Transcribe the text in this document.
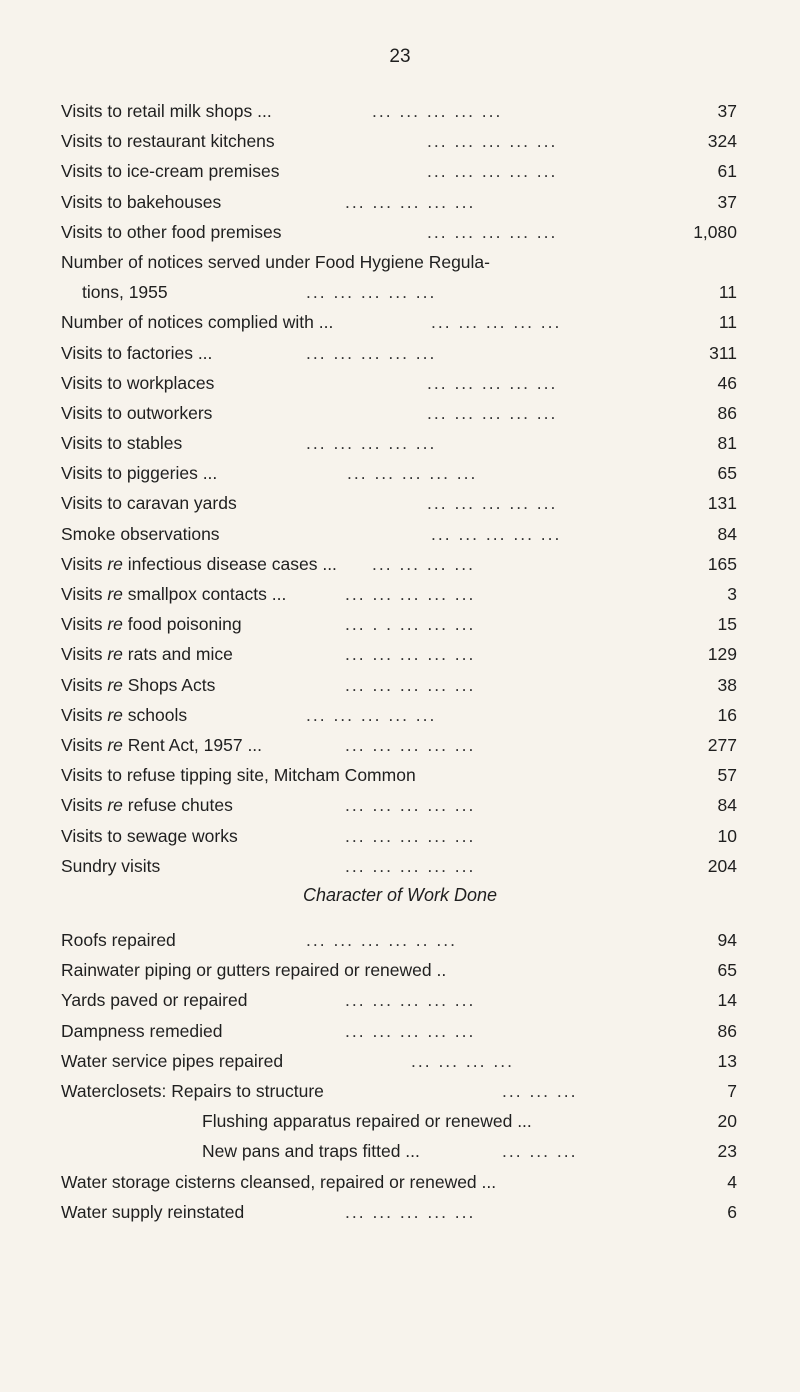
23
Visits to retail milk shops ...	... ... ... ... ...	37
Visits to restaurant kitchens	... ... ... ... ...	324
Visits to ice-cream premises	... ... ... ... ...	61
Visits to bakehouses	... ... ... ... ...	37
Visits to other food premises	... ... ... ... ...	1,080
Number of notices served under Food Hygiene Regula-
tions, 1955	... ... ... ... ...	11
Number of notices complied with ...	... ... ... ... ...	11
Visits to factories ...	... ... ... ... ...	311
Visits to workplaces	... ... ... ... ...	46
Visits to outworkers	... ... ... ... ...	86
Visits to stables	... ... ... ... ...	81
Visits to piggeries ...	... ... ... ... ...	65
Visits to caravan yards	... ... ... ... ...	131
Smoke observations	... ... ... ... ...	84
Visits re infectious disease cases ... ... ... ... ...	165
Visits re smallpox contacts ...	... ... ... ... ...	3
Visits re food poisoning	... . . ... ... ...	15
Visits re rats and mice	... ... ... ... ...	129
Visits re Shops Acts	... ... ... ... ...	38
Visits re schools	... ... ... ... ...	16
Visits re Rent Act, 1957 ...	... ... ... ... ...	277
Visits to refuse tipping site, Mitcham Common	57
Visits re refuse chutes	... ... ... ... ...	84
Visits to sewage works	... ... ... ... ...	10
Sundry visits	... ... ... ... ...	204
Character of Work Done
Roofs repaired	... ... ... ... .. ...	94
Rainwater piping or gutters repaired or renewed ..	65
Yards paved or repaired	... ... ... ... ...	14
Dampness remedied	... ... ... ... ...	86
Water service pipes repaired	... ... ... ...	13
Waterclosets: Repairs to structure	... ... ...	7
Flushing apparatus repaired or renewed ...	20
New pans and traps fitted ...	... ... ...	23
Water storage cisterns cleansed, repaired or renewed ...	4
Water supply reinstated	... ... ... ... ...	6
